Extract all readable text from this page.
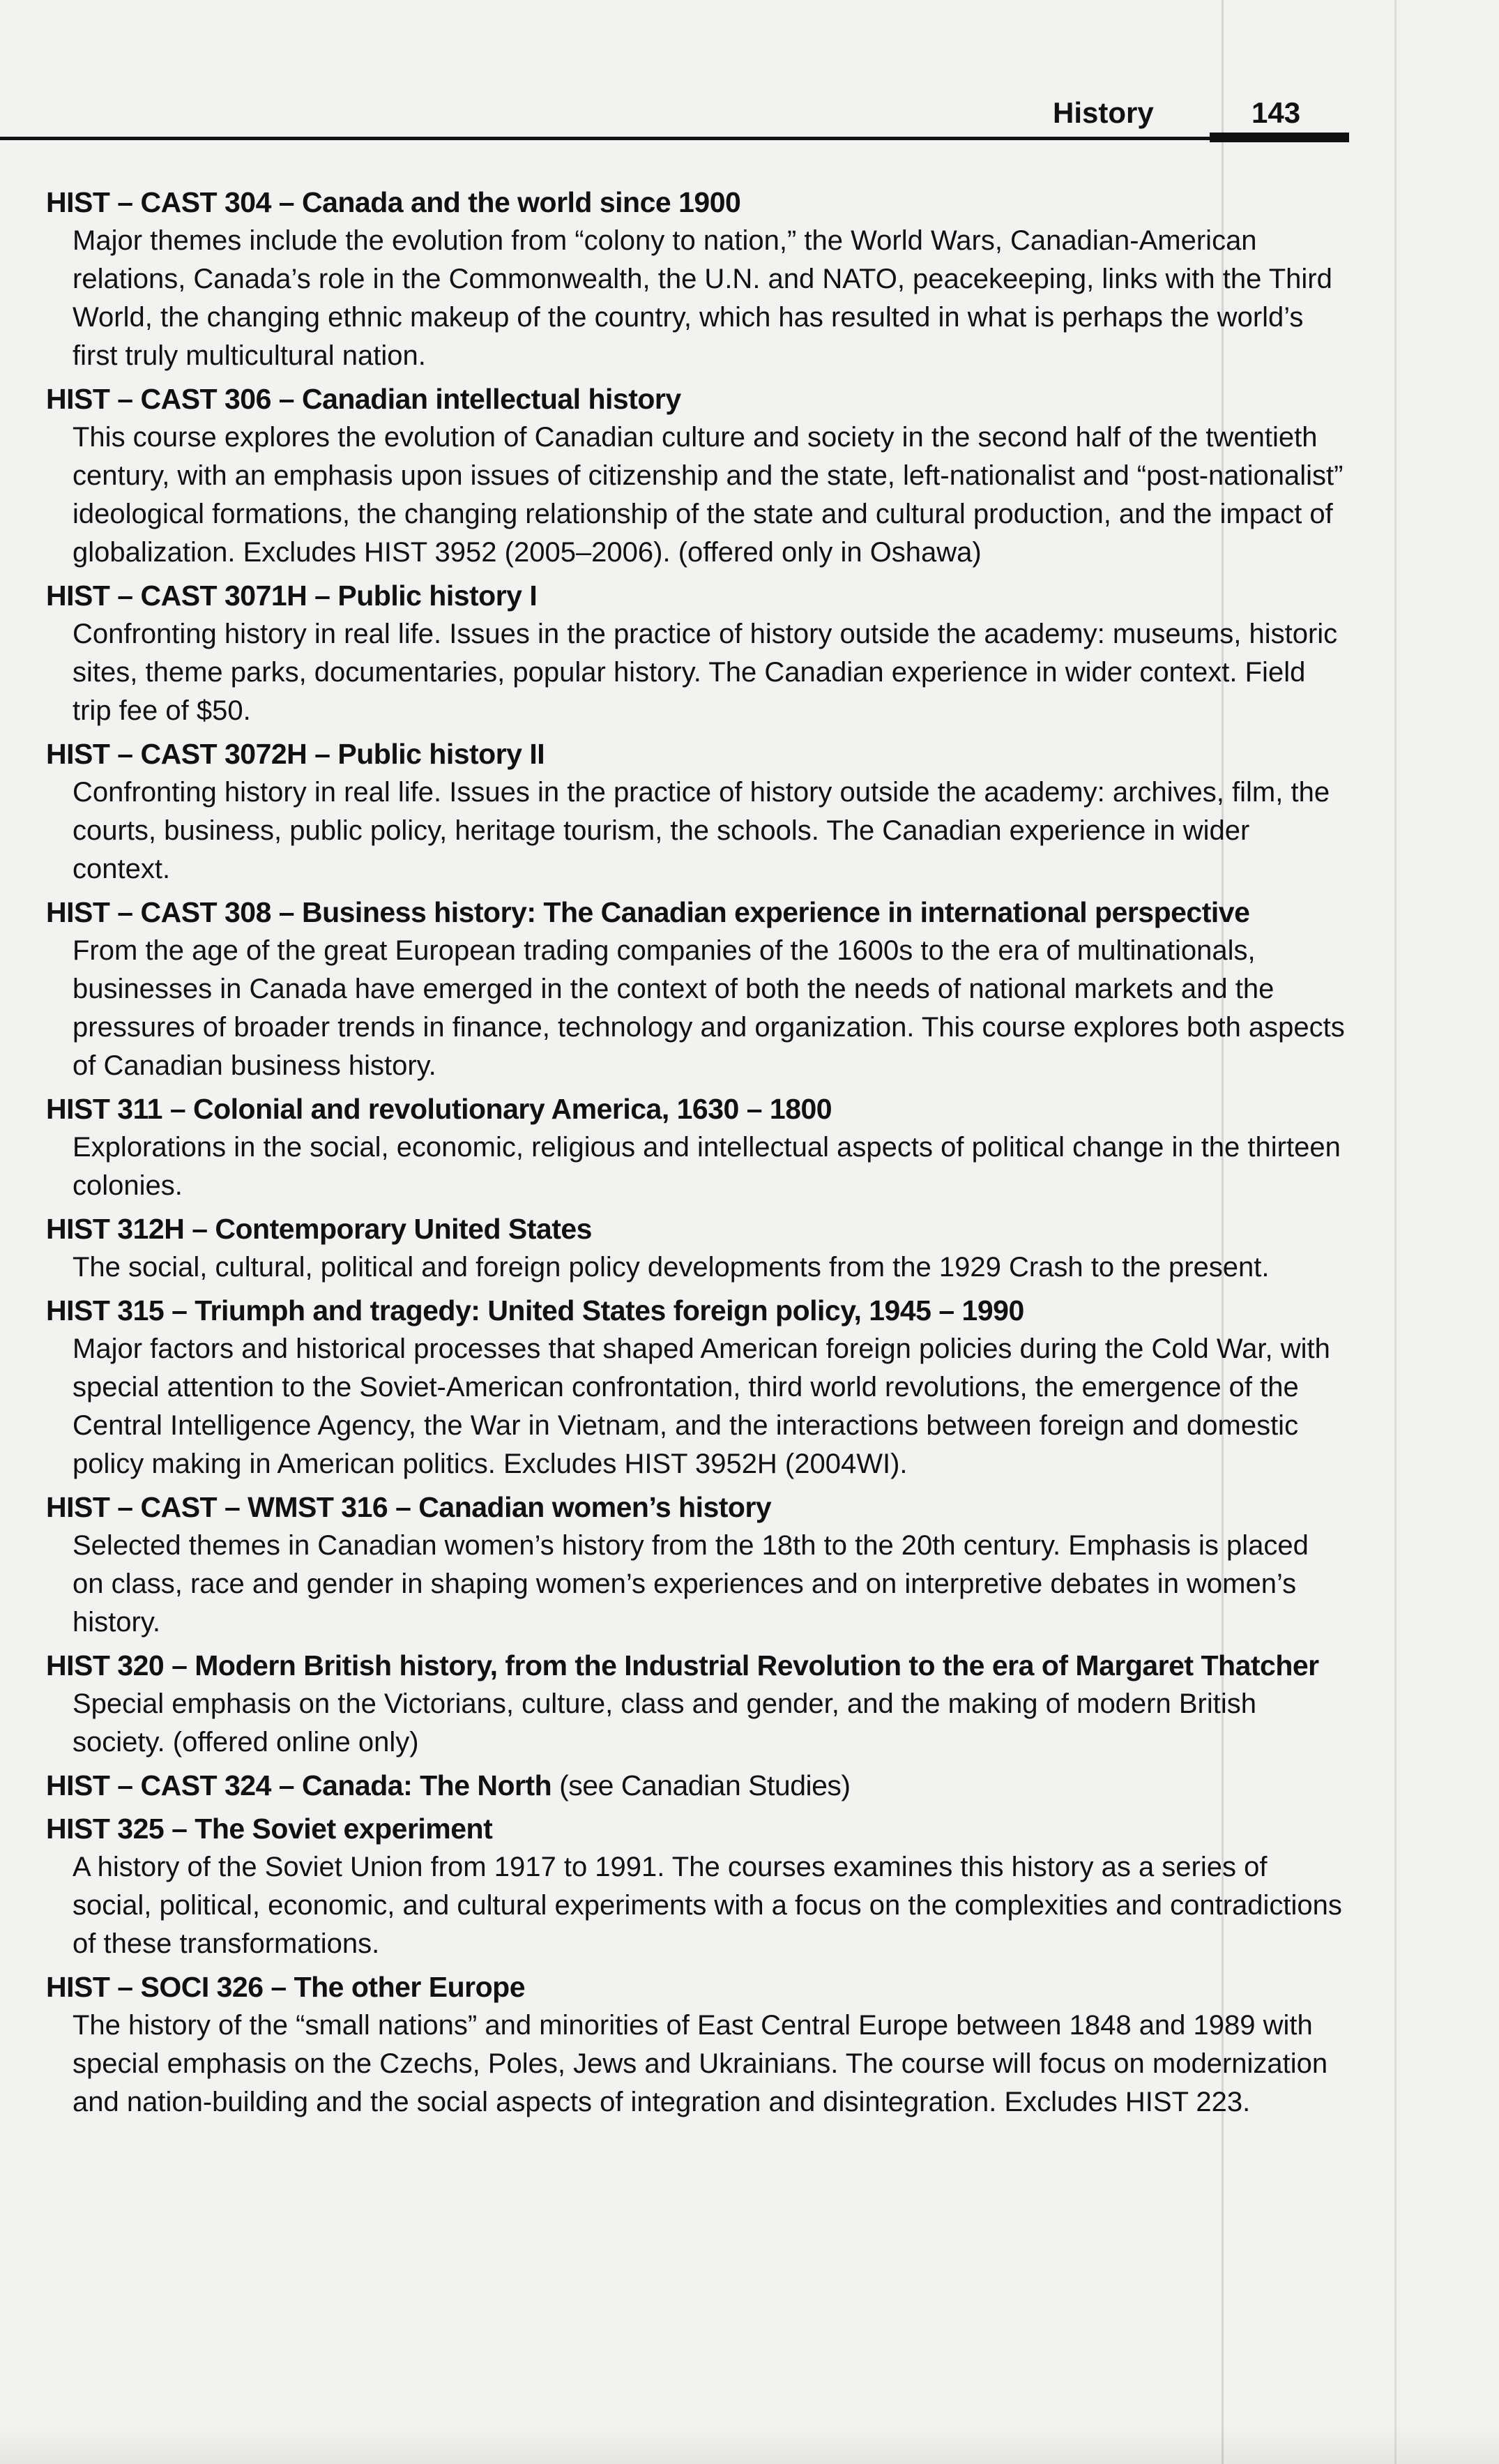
History	143
HIST – CAST 304 – Canada and the world since 1900

Major themes include the evolution from “colony to nation,” the World Wars, Canadian-American relations, Canada’s role in the Commonwealth, the U.N. and NATO, peacekeeping, links with the Third World, the changing ethnic makeup of the country, which has resulted in what is perhaps the world’s first truly multicultural nation.

HIST – CAST 306 – Canadian intellectual history

This course explores the evolution of Canadian culture and society in the second half of the twentieth century, with an emphasis upon issues of citizenship and the state, left-nationalist and “post-nationalist” ideological formations, the changing relationship of the state and cultural production, and the impact of globalization. Excludes HIST 3952 (2005–2006). (offered only in Oshawa)

HIST – CAST 3071H – Public history I

Confronting history in real life. Issues in the practice of history outside the academy: museums, historic sites, theme parks, documentaries, popular history. The Canadian experience in wider context. Field trip fee of $50.

HIST – CAST 3072H – Public history II

Confronting history in real life. Issues in the practice of history outside the academy: archives, film, the courts, business, public policy, heritage tourism, the schools. The Canadian experience in wider context.

HIST – CAST 308 – Business history: The Canadian experience in international perspective

From the age of the great European trading companies of the 1600s to the era of multinationals, businesses in Canada have emerged in the context of both the needs of national markets and the pressures of broader trends in finance, technology and organization. This course explores both aspects of Canadian business history.

HIST 311 – Colonial and revolutionary America, 1630 – 1800

Explorations in the social, economic, religious and intellectual aspects of political change in the thirteen colonies.

HIST 312H – Contemporary United States

The social, cultural, political and foreign policy developments from the 1929 Crash to the present.

HIST 315 – Triumph and tragedy: United States foreign policy, 1945 – 1990

Major factors and historical processes that shaped American foreign policies during the Cold War, with special attention to the Soviet-American confrontation, third world revolutions, the emergence of the Central Intelligence Agency, the War in Vietnam, and the interactions between foreign and domestic policy making in American politics. Excludes HIST 3952H (2004WI).

HIST – CAST – WMST 316 – Canadian women’s history

Selected themes in Canadian women’s history from the 18th to the 20th century. Emphasis is placed on class, race and gender in shaping women’s experiences and on interpretive debates in women’s history.

HIST 320 – Modern British history, from the Industrial Revolution to the era of Margaret Thatcher

Special emphasis on the Victorians, culture, class and gender, and the making of modern British society. (offered online only)

HIST – CAST 324 – Canada: The North (see Canadian Studies)
HIST 325 – The Soviet experiment

A history of the Soviet Union from 1917 to 1991. The courses examines this history as a series of social, political, economic, and cultural experiments with a focus on the complexities and contradictions of these transformations.

HIST – SOCI 326 – The other Europe

The history of the “small nations” and minorities of East Central Europe between 1848 and 1989 with special emphasis on the Czechs, Poles, Jews and Ukrainians. The course will focus on modernization and nation-building and the social aspects of integration and disintegration. Excludes HIST 223.
